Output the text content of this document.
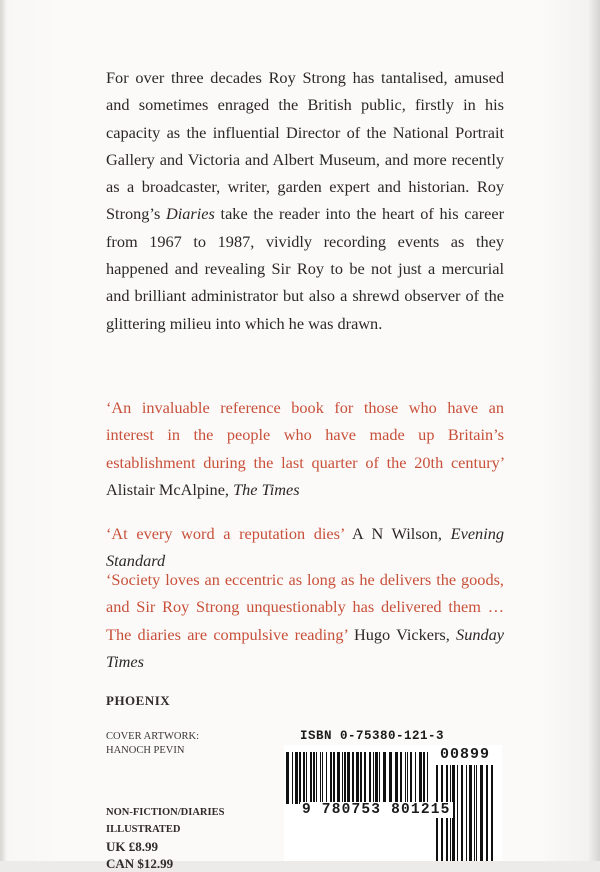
For over three decades Roy Strong has tantalised, amused and sometimes enraged the British public, firstly in his capacity as the influential Director of the National Portrait Gallery and Victoria and Albert Museum, and more recently as a broadcaster, writer, garden expert and historian. Roy Strong’s Diaries take the reader into the heart of his career from 1967 to 1987, vividly recording events as they happened and revealing Sir Roy to be not just a mercurial and brilliant administrator but also a shrewd observer of the glittering milieu into which he was drawn.

‘An invaluable reference book for those who have an interest in the people who have made up Britain’s establishment during the last quarter of the 20th century’ Alistair McAlpine, The Times
‘At every word a reputation dies’ A N Wilson, Evening Standard
‘Society loves an eccentric as long as he delivers the goods, and Sir Roy Strong unquestionably has delivered them … The diaries are compulsive reading’ Hugo Vickers, Sunday Times
PHOENIX
COVER ARTWORK:
HANOCH PEVIN
NON-FICTION/DIARIES
ILLUSTRATED
UK £8.99
CAN $12.99
ISBN 0-75380-121-3
00899
9 780753 801215
